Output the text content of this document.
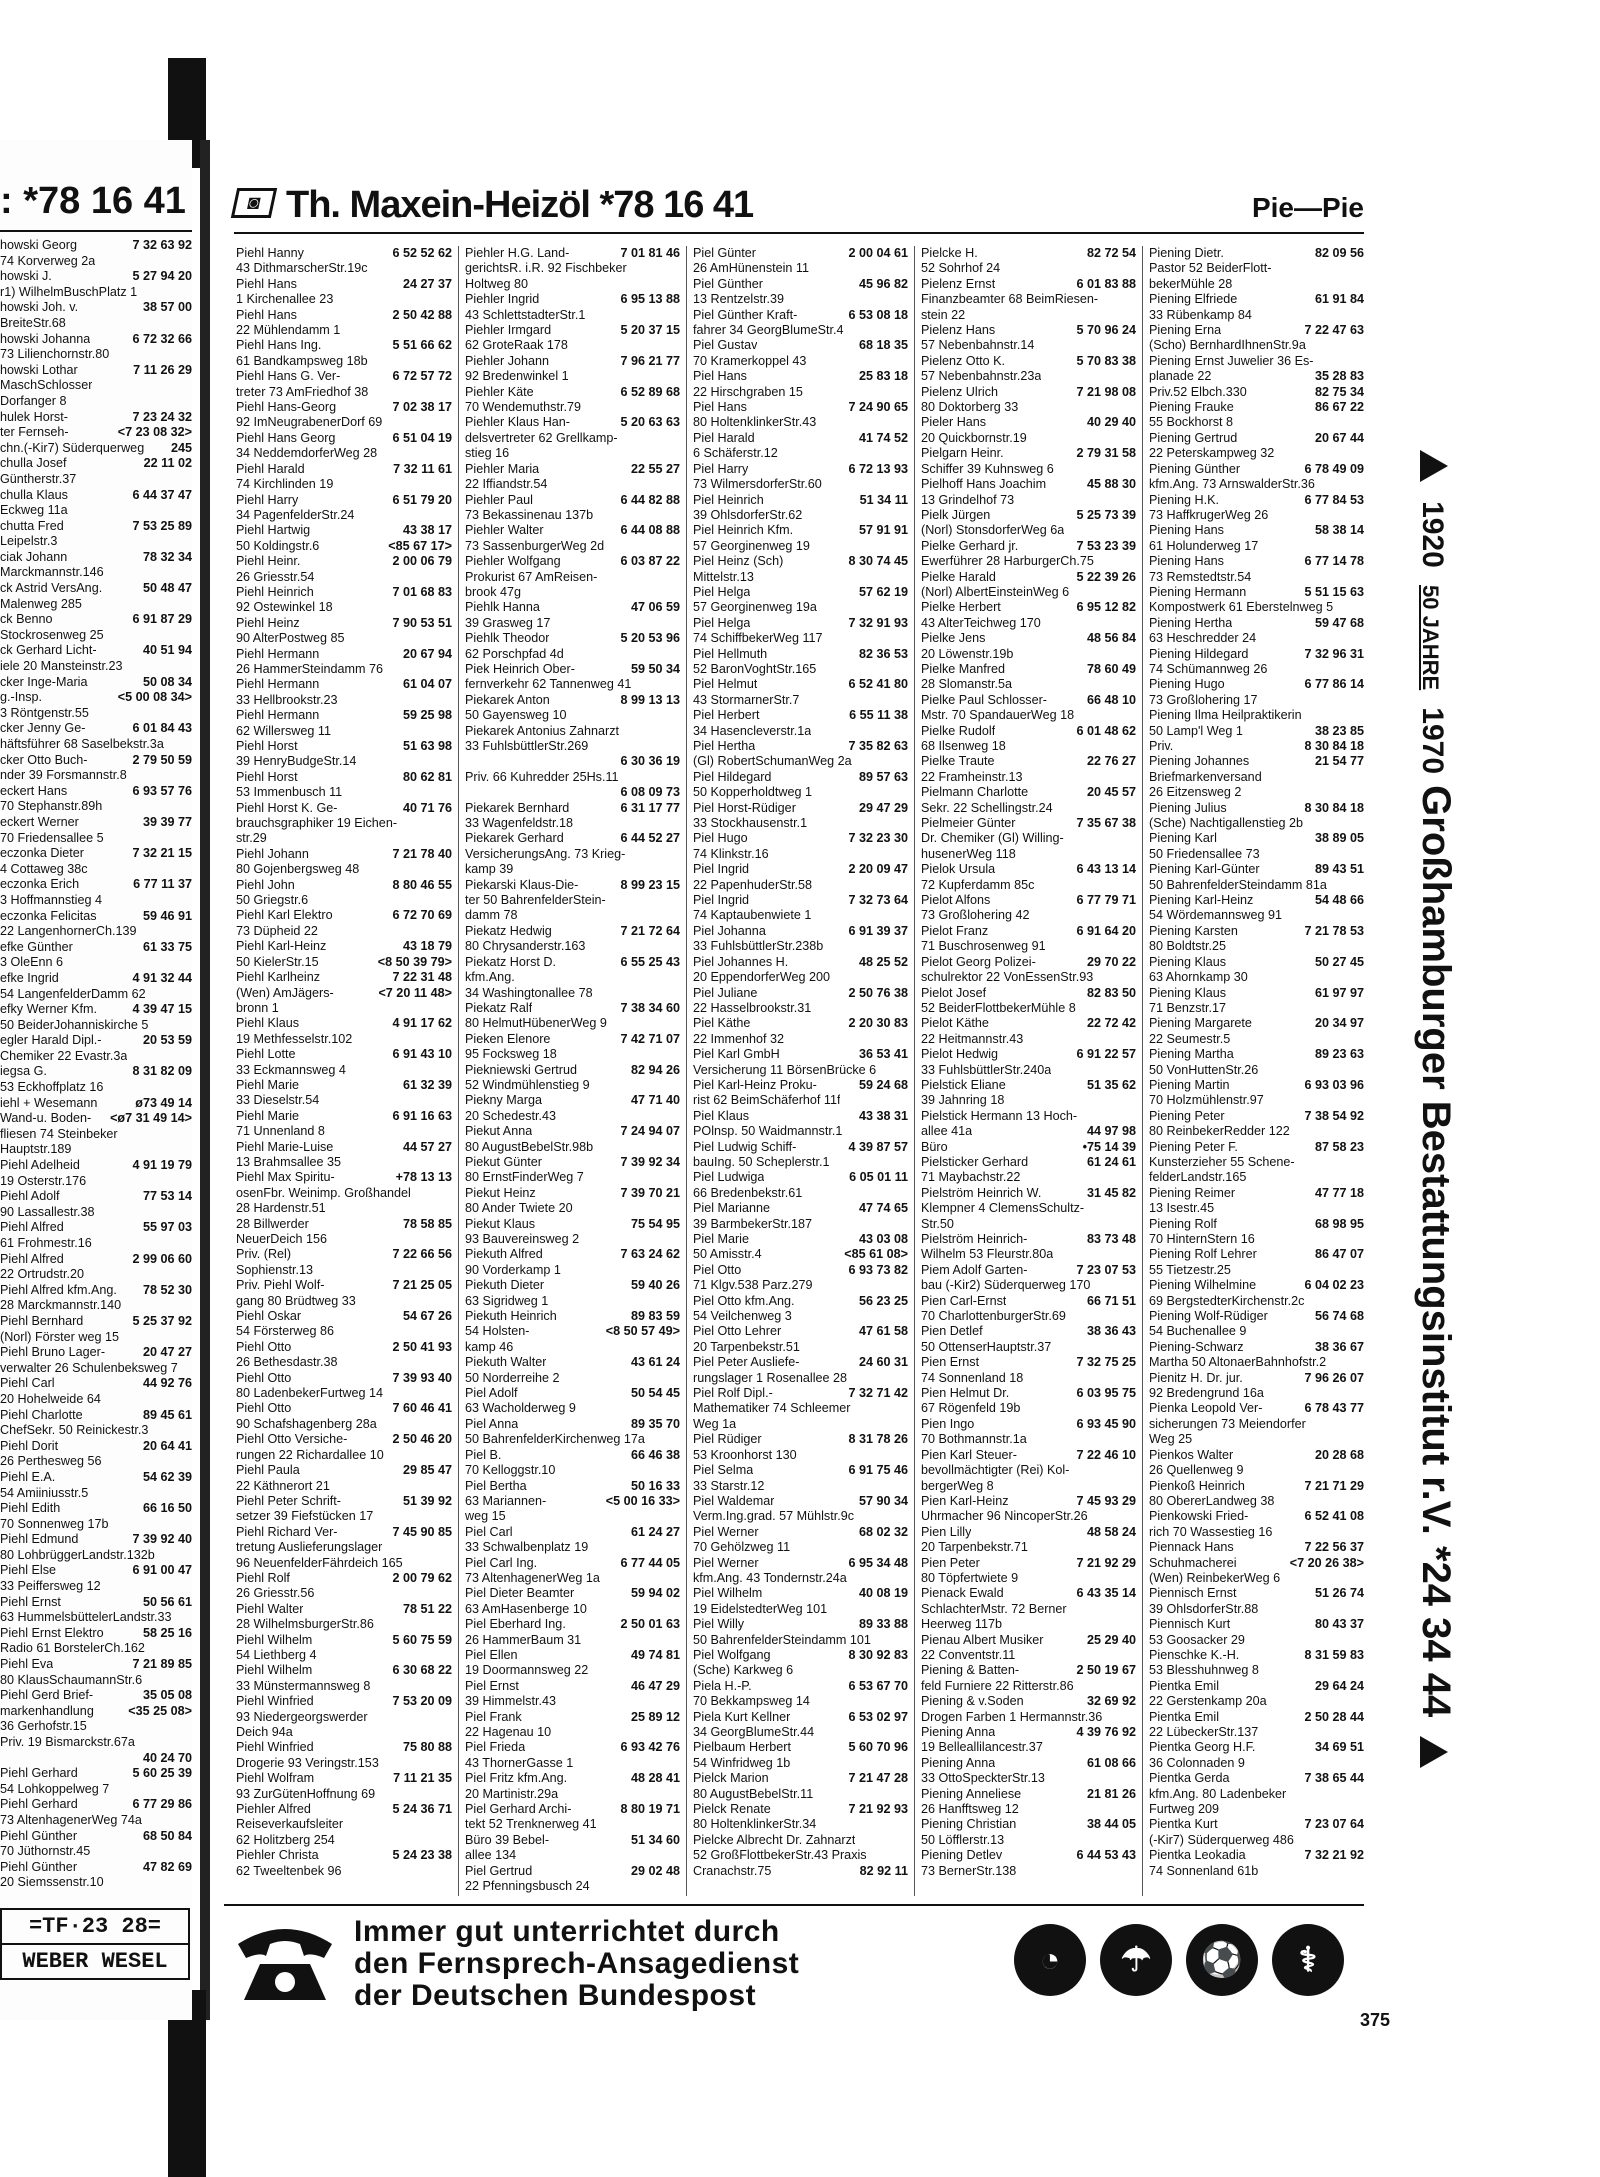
: *78 16 41
howski Georg	7 32 63 92
74 Korverweg 2a
howski J.	5 27 94 20
r1) WilhelmBuschPlatz 1
howski Joh. v.	38 57 00
BreiteStr.68
howski Johanna	6 72 32 66
73 Lilienchornstr.80
howski Lothar	7 11 26 29
MaschSchlosser
Dorfanger 8
hulek Horst-	7 23 24 32
ter Fernseh-	<7 23 08 32>
chn.(-Kir7) Süderquerweg 245
chulla Josef	22 11 02
Güntherstr.37
chulla Klaus	6 44 37 47
Eckweg 11a
chutta Fred	7 53 25 89
Leipelstr.3
ciak Johann	78 32 34
Marckmannstr.146
ck Astrid VersAng.	50 48 47
Malenweg 285
ck Benno	6 91 87 29
Stockrosenweg 25
ck Gerhard Licht-	40 51 94
iele 20 Mansteinstr.23
cker Inge-Maria	50 08 34
g.-Insp.	<5 00 08 34>
3 Röntgenstr.55
cker Jenny Ge-	6 01 84 43
häftsführer 68 Saselbekstr.3a
cker Otto Buch-	2 79 50 59
nder 39 Forsmannstr.8
eckert Hans	6 93 57 76
70 Stephanstr.89h
eckert Werner	39 39 77
70 Friedensallee 5
eczonka Dieter	7 32 21 15
4 Cottaweg 38c
eczonka Erich	6 77 11 37
3 Hoffmannstieg 4
eczonka Felicitas	59 46 91
22 LangenhornerCh.139
efke Günther	61 33 75
3 OleEnn 6
efke Ingrid	4 91 32 44
54 LangenfelderDamm 62
efky Werner Kfm.	4 39 47 15
50 BeiderJohanniskirche 5
egler Harald Dipl.-	20 53 59
Chemiker 22 Evastr.3a
iegsa G.	8 31 82 09
53 Eckhoffplatz 16
iehl + Wesemann	ø73 49 14
Wand-u. Boden- <ø7 31 49 14>
fliesen 74 Steinbeker
Hauptstr.189
Piehl Adelheid	4 91 19 79
19 Osterstr.176
Piehl Adolf	77 53 14
90 Lassallestr.38
Piehl Alfred	55 97 03
61 Frohmestr.16
Piehl Alfred	2 99 06 60
22 Ortrudstr.20
Piehl Alfred kfm.Ang. 78 52 30
28 Marckmannstr.140
Piehl Bernhard	5 25 37 92
(Norl) Förster weg 15
Piehl Bruno Lager-	20 47 27
verwalter 26 Schulenbeksweg 7
Piehl Carl	44 92 76
20 Hohelweide 64
Piehl Charlotte	89 45 61
ChefSekr. 50 Reinickestr.3
Piehl Dorit	20 64 41
26 Perthesweg 56
Piehl E.A.	54 62 39
54 Amiiniusstr.5
Piehl Edith	66 16 50
70 Sonnenweg 17b
Piehl Edmund	7 39 92 40
80 LohbrüggerLandstr.132b
Piehl Else	6 91 00 47
33 Peiffersweg 12
Piehl Ernst	50 56 61
63 HummelsbüttelerLandstr.33
Piehl Ernst Elektro	58 25 16
Radio 61 BorstelerCh.162
Piehl Eva	7 21 89 85
80 KlausSchaumannStr.6
Piehl Gerd Brief-	35 05 08
markenhandlung	<35 25 08>
36 Gerhofstr.15
Priv. 19 Bismarckstr.67a
40 24 70
Piehl Gerhard	5 60 25 39
54 Lohkoppelweg 7
Piehl Gerhard	6 77 29 86
73 AltenhagenerWeg 74a
Piehl Günther	68 50 84
70 Jüthornstr.45
Piehl Günther	47 82 69
20 Siemssenstr.10
=TF·23 28=
WEBER WESEL
◙ Th. Maxein-Heizöl *78 16 41	Pie—Pie
Piehl Hanny	6 52 52 62
43 DithmarscherStr.19c
Piehl Hans	24 27 37
1 Kirchenallee 23
Piehl Hans	2 50 42 88
22 Mühlendamm 1
Piehl Hans Ing.	5 51 66 62
61 Bandkampsweg 18b
Piehl Hans G. Ver-	6 72 57 72
treter 73 AmFriedhof 38
Piehl Hans-Georg	7 02 38 17
92 ImNeugrabenerDorf 69
Piehl Hans Georg	6 51 04 19
34 NeddemdorferWeg 28
Piehl Harald	7 32 11 61
74 Kirchlinden 19
Piehl Harry	6 51 79 20
34 PagenfelderStr.24
Piehl Hartwig	43 38 17
50 Koldingstr.6	<85 67 17>
Piehl Heinr.	2 00 06 79
26 Griesstr.54
Piehl Heinrich	7 01 68 83
92 Ostewinkel 18
Piehl Heinz	7 90 53 51
90 AlterPostweg 85
Piehl Hermann	20 67 94
26 HammerSteindamm 76
Piehl Hermann	61 04 07
33 Hellbrookstr.23
Piehl Hermann	59 25 98
62 Willersweg 11
Piehl Horst	51 63 98
39 HenryBudgeStr.14
Piehl Horst	80 62 81
53 Immenbusch 11
Piehl Horst K. Ge-	40 71 76
brauchsgraphiker 19 Eichen-
str.29
Piehl Johann	7 21 78 40
80 Gojenbergsweg 48
Piehl John	8 80 46 55
50 Griegstr.6
Piehl Karl Elektro	6 72 70 69
73 Düpheid 22
Piehl Karl-Heinz	43 18 79
50 KielerStr.15	<8 50 39 79>
Piehl Karlheinz	7 22 31 48
(Wen) AmJägers-	<7 20 11 48>
bronn 1
Piehl Klaus	4 91 17 62
19 Methfesselstr.102
Piehl Lotte	6 91 43 10
33 Eckmannsweg 4
Piehl Marie	61 32 39
33 Dieselstr.54
Piehl Marie	6 91 16 63
71 Unnenland 8
Piehl Marie-Luise	44 57 27
13 Brahmsallee 35
Piehl Max Spiritu-	+78 13 13
osenFbr. Weinimp. Großhandel
28 Hardenstr.51
28 Billwerder	78 58 85
NeuerDeich 156
Priv. (Rel)	7 22 66 56
Sophienstr.13
Priv. Piehl Wolf-	7 21 25 05
gang 80 Brüdtweg 33
Piehl Oskar	54 67 26
54 Försterweg 86
Piehl Otto	2 50 41 93
26 Bethesdastr.38
Piehl Otto	7 39 93 40
80 LadenbekerFurtweg 14
Piehl Otto	7 60 46 41
90 Schafshagenberg 28a
Piehl Otto Versiche-	2 50 46 20
rungen 22 Richardallee 10
Piehl Paula	29 85 47
22 Käthnerort 21
Piehl Peter Schrift-	51 39 92
setzer 39 Fiefstücken 17
Piehl Richard Ver-	7 45 90 85
tretung Auslieferungslager
96 NeuenfelderFährdeich 165
Piehl Rolf	2 00 79 62
26 Griesstr.56
Piehl Walter	78 51 22
28 WilhelmsburgerStr.86
Piehl Wilhelm	5 60 75 59
54 Liethberg 4
Piehl Wilhelm	6 30 68 22
33 Münstermannsweg 8
Piehl Winfried	7 53 20 09
93 Niedergeorgswerder
Deich 94a
Piehl Winfried	75 80 88
Drogerie 93 Veringstr.153
Piehl Wolfram	7 11 21 35
93 ZurGütenHoffnung 69
Piehler Alfred	5 24 36 71
Reiseverkaufsleiter
62 Holitzberg 254
Piehler Christa	5 24 23 38
62 Tweeltenbek 96
Piehler H.G. Land-	7 01 81 46
gerichtsR. i.R. 92 Fischbeker
Holtweg 80
Piehler Ingrid	6 95 13 88
43 SchlettstadterStr.1
Piehler Irmgard	5 20 37 15
62 GroteRaak 178
Piehler Johann	7 96 21 77
92 Bredenwinkel 1
Piehler Käte	6 52 89 68
70 Wendemuthstr.79
Piehler Klaus Han-	5 20 63 63
delsvertreter 62 Grellkamp-
stieg 16
Piehler Maria	22 55 27
22 Iffiandstr.54
Piehler Paul	6 44 82 88
73 Bekassinenau 137b
Piehler Walter	6 44 08 88
73 SassenburgerWeg 2d
Piehler Wolfgang	6 03 87 22
Prokurist 67 AmReisen-
brook 47g
Piehlk Hanna	47 06 59
39 Grasweg 17
Piehlk Theodor	5 20 53 96
62 Porschpfad 4d
Piek Heinrich Ober-	59 50 34
fernverkehr 62 Tannenweg 41
Piekarek Anton	8 99 13 13
50 Gayensweg 10
Piekarek Antonius Zahnarzt
33 FuhlsbüttlerStr.269
6 30 36 19
Priv. 66 Kuhredder 25Hs.11
6 08 09 73
Piekarek Bernhard	6 31 17 77
33 Wagenfeldstr.18
Piekarek Gerhard	6 44 52 27
VersicherungsAng. 73 Krieg-
kamp 39
Piekarski Klaus-Die-	8 99 23 15
ter 50 BahrenfelderStein-
damm 78
Piekatz Hedwig	7 21 72 64
80 Chrysanderstr.163
Piekatz Horst D.	6 55 25 43
kfm.Ang.
34 Washingtonallee 78
Piekatz Ralf	7 38 34 60
80 HelmutHübenerWeg 9
Pieken Elenore	7 42 71 07
95 Focksweg 18
Piekniewski Gertrud	82 94 26
52 Windmühlenstieg 9
Piekny Marga	47 71 40
20 Schedestr.43
Piekut Anna	7 24 94 07
80 AugustBebelStr.98b
Piekut Günter	7 39 92 34
80 ErnstFinderWeg 7
Piekut Heinz	7 39 70 21
80 Ander Twiete 20
Piekut Klaus	75 54 95
93 Bauvereinsweg 2
Piekuth Alfred	7 63 24 62
90 Vorderkamp 1
Piekuth Dieter	59 40 26
63 Sigridweg 1
Piekuth Heinrich	89 83 59
54 Holsten-	<8 50 57 49>
kamp 46
Piekuth Walter	43 61 24
50 Norderreihe 2
Piel Adolf	50 54 45
63 Wacholderweg 9
Piel Anna	89 35 70
50 BahrenfelderKirchenweg 17a
Piel B.	66 46 38
70 Kelloggstr.10
Piel Bertha	50 16 33
63 Mariannen-	<5 00 16 33>
weg 15
Piel Carl	61 24 27
33 Schwalbenplatz 19
Piel Carl Ing.	6 77 44 05
73 AltenhagenerWeg 1a
Piel Dieter Beamter	59 94 02
63 AmHasenberge 10
Piel Eberhard Ing.	2 50 01 63
26 HammerBaum 31
Piel Ellen	49 74 81
19 Doormannsweg 22
Piel Ernst	46 47 29
39 Himmelstr.43
Piel Frank	25 89 12
22 Hagenau 10
Piel Frieda	6 93 42 76
43 ThornerGasse 1
Piel Fritz kfm.Ang.	48 28 41
20 Martinistr.29a
Piel Gerhard Archi-	8 80 19 71
tekt 52 Trenknerweg 41
Büro 39 Bebel-	51 34 60
allee 134
Piel Gertrud	29 02 48
22 Pfenningsbusch 24
Piel Günter	2 00 04 61
26 AmHünenstein 11
Piel Günther	45 96 82
13 Rentzelstr.39
Piel Günther Kraft-	6 53 08 18
fahrer 34 GeorgBlumeStr.4
Piel Gustav	68 18 35
70 Kramerkoppel 43
Piel Hans	25 83 18
22 Hirschgraben 15
Piel Hans	7 24 90 65
80 HoltenklinkerStr.43
Piel Harald	41 74 52
6 Schäferstr.12
Piel Harry	6 72 13 93
73 WilmersdorferStr.60
Piel Heinrich	51 34 11
39 OhlsdorferStr.62
Piel Heinrich Kfm.	57 91 91
57 Georginenweg 19
Piel Heinz (Sch)	8 30 74 45
Mittelstr.13
Piel Helga	57 62 19
57 Georginenweg 19a
Piel Helga	7 32 91 93
74 SchiffbekerWeg 117
Piel Hellmuth	82 36 53
52 BaronVoghtStr.165
Piel Helmut	6 52 41 80
43 StormarnerStr.7
Piel Herbert	6 55 11 38
34 Hasencleverstr.1a
Piel Hertha	7 35 82 63
(Gl) RobertSchumanWeg 2a
Piel Hildegard	89 57 63
50 Kopperholdtweg 1
Piel Horst-Rüdiger	29 47 29
33 Stockhausenstr.1
Piel Hugo	7 32 23 30
74 Klinkstr.16
Piel Ingrid	2 20 09 47
22 PapenhuderStr.58
Piel Ingrid	7 32 73 64
74 Kaptaubenwiete 1
Piel Johanna	6 91 39 37
33 FuhlsbüttlerStr.238b
Piel Johannes H.	48 25 52
20 EppendorferWeg 200
Piel Juliane	2 50 76 38
22 Hasselbrookstr.31
Piel Käthe	2 20 30 83
22 Immenhof 32
Piel Karl GmbH	36 53 41
Versicherung 11 BörsenBrücke 6
Piel Karl-Heinz Proku-	59 24 68
rist 62 BeimSchäferhof 11f
Piel Klaus	43 38 31
POlnsp. 50 Waidmannstr.1
Piel Ludwig Schiff-	4 39 87 57
bauIng. 50 Scheplerstr.1
Piel Ludwiga	6 05 01 11
66 Bredenbekstr.61
Piel Marianne	47 74 65
39 BarmbekerStr.187
Piel Marie	43 03 08
50 Amisstr.4	<85 61 08>
Piel Otto	6 93 73 82
71 Klgv.538 Parz.279
Piel Otto kfm.Ang.	56 23 25
54 Veilchenweg 3
Piel Otto Lehrer	47 61 58
20 Tarpenbekstr.51
Piel Peter Ausliefe-	24 60 31
rungslager 1 Rosenallee 28
Piel Rolf Dipl.-	7 32 71 42
Mathematiker 74 Schleemer
Weg 1a
Piel Rüdiger	8 31 78 26
53 Kroonhorst 130
Piel Selma	6 91 75 46
33 Starstr.12
Piel Waldemar	57 90 34
Verm.Ing.grad. 57 Mühlstr.9c
Piel Werner	68 02 32
70 Gehölzweg 11
Piel Werner	6 95 34 48
kfm.Ang. 43 Tondernstr.24a
Piel Wilhelm	40 08 19
19 EidelstedterWeg 101
Piel Willy	89 33 88
50 BahrenfelderSteindamm 101
Piel Wolfgang	8 30 92 83
(Sche) Karkweg 6
Piela H.-P.	6 53 67 70
70 Bekkampsweg 14
Piela Kurt Kellner	6 53 02 97
34 GeorgBlumeStr.44
Pielbaum Herbert	5 60 70 96
54 Winfridweg 1b
Pielck Marion	7 21 47 28
80 AugustBebelStr.11
Pielck Renate	7 21 92 93
80 HoltenklinkerStr.34
Pielcke Albrecht Dr. Zahnarzt
52 GroßFlottbekerStr.43 Praxis
Cranachstr.75	82 92 11
Pielcke H.	82 72 54
52 Sohrhof 24
Pielenz Ernst	6 01 83 88
Finanzbeamter 68 BeimRiesen-
stein 22
Pielenz Hans	5 70 96 24
57 Nebenbahnstr.14
Pielenz Otto K.	5 70 83 38
57 Nebenbahnstr.23a
Pielenz Ulrich	7 21 98 08
80 Doktorberg 33
Pieler Hans	40 29 40
20 Quickbornstr.19
Pielgarn Heinr.	2 79 31 58
Schiffer 39 Kuhnsweg 6
Pielhoff Hans Joachim	45 88 30
13 Grindelhof 73
Pielk Jürgen	5 25 73 39
(Norl) StonsdorferWeg 6a
Pielke Gerhard jr.	7 53 23 39
Ewerführer 28 HarburgerCh.75
Pielke Harald	5 22 39 26
(Norl) AlbertEinsteinWeg 6
Pielke Herbert	6 95 12 82
43 AlterTeichweg 170
Pielke Jens	48 56 84
20 Löwenstr.19b
Pielke Manfred	78 60 49
28 Slomanstr.5a
Pielke Paul Schlosser-	66 48 10
Mstr. 70 SpandauerWeg 18
Pielke Rudolf	6 01 48 62
68 Ilsenweg 18
Pielke Traute	22 76 27
22 Framheinstr.13
Pielmann Charlotte	20 45 57
Sekr. 22 Schellingstr.24
Pielmeier Günter	7 35 67 38
Dr. Chemiker (Gl) Willing-
husenerWeg 118
Pielok Ursula	6 43 13 14
72 Kupferdamm 85c
Pielot Alfons	6 77 79 71
73 Großlohering 42
Pielot Franz	6 91 64 20
71 Buschrosenweg 91
Pielot Georg Polizei-	29 70 22
schulrektor 22 VonEssenStr.93
Pielot Josef	82 83 50
52 BeiderFlottbekerMühle 8
Pielot Käthe	22 72 42
22 Heitmannstr.43
Pielot Hedwig	6 91 22 57
33 FuhlsbüttlerStr.240a
Pielstick Eliane	51 35 62
39 Jahnring 18
Pielstick Hermann 13 Hoch-
allee 41a	44 97 98
Büro	•75 14 39
Pielsticker Gerhard	61 24 61
71 Maybachstr.22
Pielström Heinrich W.	31 45 82
Klempner 4 ClemensSchultz-
Str.50
Pielström Heinrich-	83 73 48
Wilhelm 53 Fleurstr.80a
Piem Adolf Garten-	7 23 07 53
bau (-Kir2) Süderquerweg 170
Pien Carl-Ernst	66 71 51
70 CharlottenburgerStr.69
Pien Detlef	38 36 43
50 OttenserHauptstr.37
Pien Ernst	7 32 75 25
74 Sonnenland 18
Pien Helmut Dr.	6 03 95 75
67 Rögenfeld 19b
Pien Ingo	6 93 45 90
70 Bothmannstr.1a
Pien Karl Steuer-	7 22 46 10
bevollmächtigter (Rei) Kol-
bergerWeg 8
Pien Karl-Heinz	7 45 93 29
Uhrmacher 96 NincoperStr.26
Pien Lilly	48 58 24
20 Tarpenbekstr.71
Pien Peter	7 21 92 29
80 Töpfertwiete 9
Pienack Ewald	6 43 35 14
SchlachterMstr. 72 Berner
Heerweg 117b
Pienau Albert Musiker	25 29 40
22 Conventstr.11
Piening & Batten-	2 50 19 67
feld Furniere 22 Ritterstr.86
Piening & v.Soden	32 69 92
Drogen Farben 1 Hermannstr.36
Piening Anna	4 39 76 92
19 Belleallilancestr.37
Piening Anna	61 08 66
33 OttoSpeckterStr.13
Piening Anneliese	21 81 26
26 Hanfftsweg 12
Piening Christian	38 44 05
50 Löfflerstr.13
Piening Detlev	6 44 53 43
73 BernerStr.138
Piening Dietr.	82 09 56
Pastor 52 BeiderFlott-
bekerMühle 28
Piening Elfriede	61 91 84
33 Rübenkamp 84
Piening Erna	7 22 47 63
(Scho) BernhardIhnenStr.9a
Piening Ernst Juwelier 36 Es-
planade 22	35 28 83
Priv.52 Elbch.330	82 75 34
Piening Frauke	86 67 22
55 Bockhorst 8
Piening Gertrud	20 67 44
22 Peterskampweg 32
Piening Günther	6 78 49 09
kfm.Ang. 73 ArnswalderStr.36
Piening H.K.	6 77 84 53
73 HaffkrugerWeg 26
Piening Hans	58 38 14
61 Holunderweg 17
Piening Hans	6 77 14 78
73 Remstedtstr.54
Piening Hermann	5 51 15 63
Kompostwerk 61 Eberstelnweg 5
Piening Hertha	59 47 68
63 Heschredder 24
Piening Hildegard	7 32 96 31
74 Schümannweg 26
Piening Hugo	6 77 86 14
73 Großlohering 17
Piening Ilma Heilpraktikerin
50 Lamp'l Weg 1	38 23 85
Priv.	8 30 84 18
Piening Johannes	21 54 77
Briefmarkenversand
26 Eitzensweg 2
Piening Julius	8 30 84 18
(Sche) Nachtigallenstieg 2b
Piening Karl	38 89 05
50 Friedensallee 73
Piening Karl-Günter	89 43 51
50 BahrenfelderSteindamm 81a
Piening Karl-Heinz	54 48 66
54 Wördemannsweg 91
Piening Karsten	7 21 78 53
80 Boldtstr.25
Piening Klaus	50 27 45
63 Ahornkamp 30
Piening Klaus	61 97 97
71 Benzstr.17
Piening Margarete	20 34 97
22 Seumestr.5
Piening Martha	89 23 63
50 VonHuttenStr.26
Piening Martin	6 93 03 96
70 Holzmühlenstr.97
Piening Peter	7 38 54 92
80 ReinbekerRedder 122
Piening Peter F.	87 58 23
Kunsterzieher 55 Schene-
felderLandstr.165
Piening Reimer	47 77 18
13 Isestr.45
Piening Rolf	68 98 95
70 HinternStern 16
Piening Rolf Lehrer	86 47 07
55 Tietzestr.25
Piening Wilhelmine	6 04 02 23
69 BergstedterKirchenstr.2c
Piening Wolf-Rüdiger	56 74 68
54 Buchenallee 9
Piening-Schwarz	38 36 67
Martha 50 AltonaerBahnhofstr.2
Pienitz H. Dr. jur.	7 96 26 07
92 Bredengrund 16a
Pienka Leopold Ver-	6 78 43 77
sicherungen 73 Meiendorfer
Weg 25
Pienkos Walter	20 28 68
26 Quellenweg 9
Pienkoß Heinrich	7 21 71 29
80 ObererLandweg 38
Pienkowski Fried-	6 52 41 08
rich 70 Wassestieg 16
Piennack Hans	7 22 56 37
Schuhmacherei	<7 20 26 38>
(Wen) ReinbekerWeg 6
Piennisch Ernst	51 26 74
39 OhlsdorferStr.88
Piennisch Kurt	80 43 37
53 Goosacker 29
Pienschke K.-H.	8 31 59 83
53 Blesshuhnweg 8
Pientka Emil	29 64 24
22 Gerstenkamp 20a
Pientka Emil	2 50 28 44
22 LübeckerStr.137
Pientka Georg H.F.	34 69 51
36 Colonnaden 9
Pientka Gerda	7 38 65 44
kfm.Ang. 80 Ladenbeker
Furtweg 209
Pientka Kurt	7 23 07 64
(-Kir7) Süderquerweg 486
Pientka Leokadia	7 32 21 92
74 Sonnenland 61b
1920 50 JAHRE 1970 Großhamburger Bestattungsinstitut r.V. *24 34 44
Immer gut unterrichtet durch
den Fernsprech-Ansagedienst
der Deutschen Bundespost
◔	☂	⚽	⚕
375
